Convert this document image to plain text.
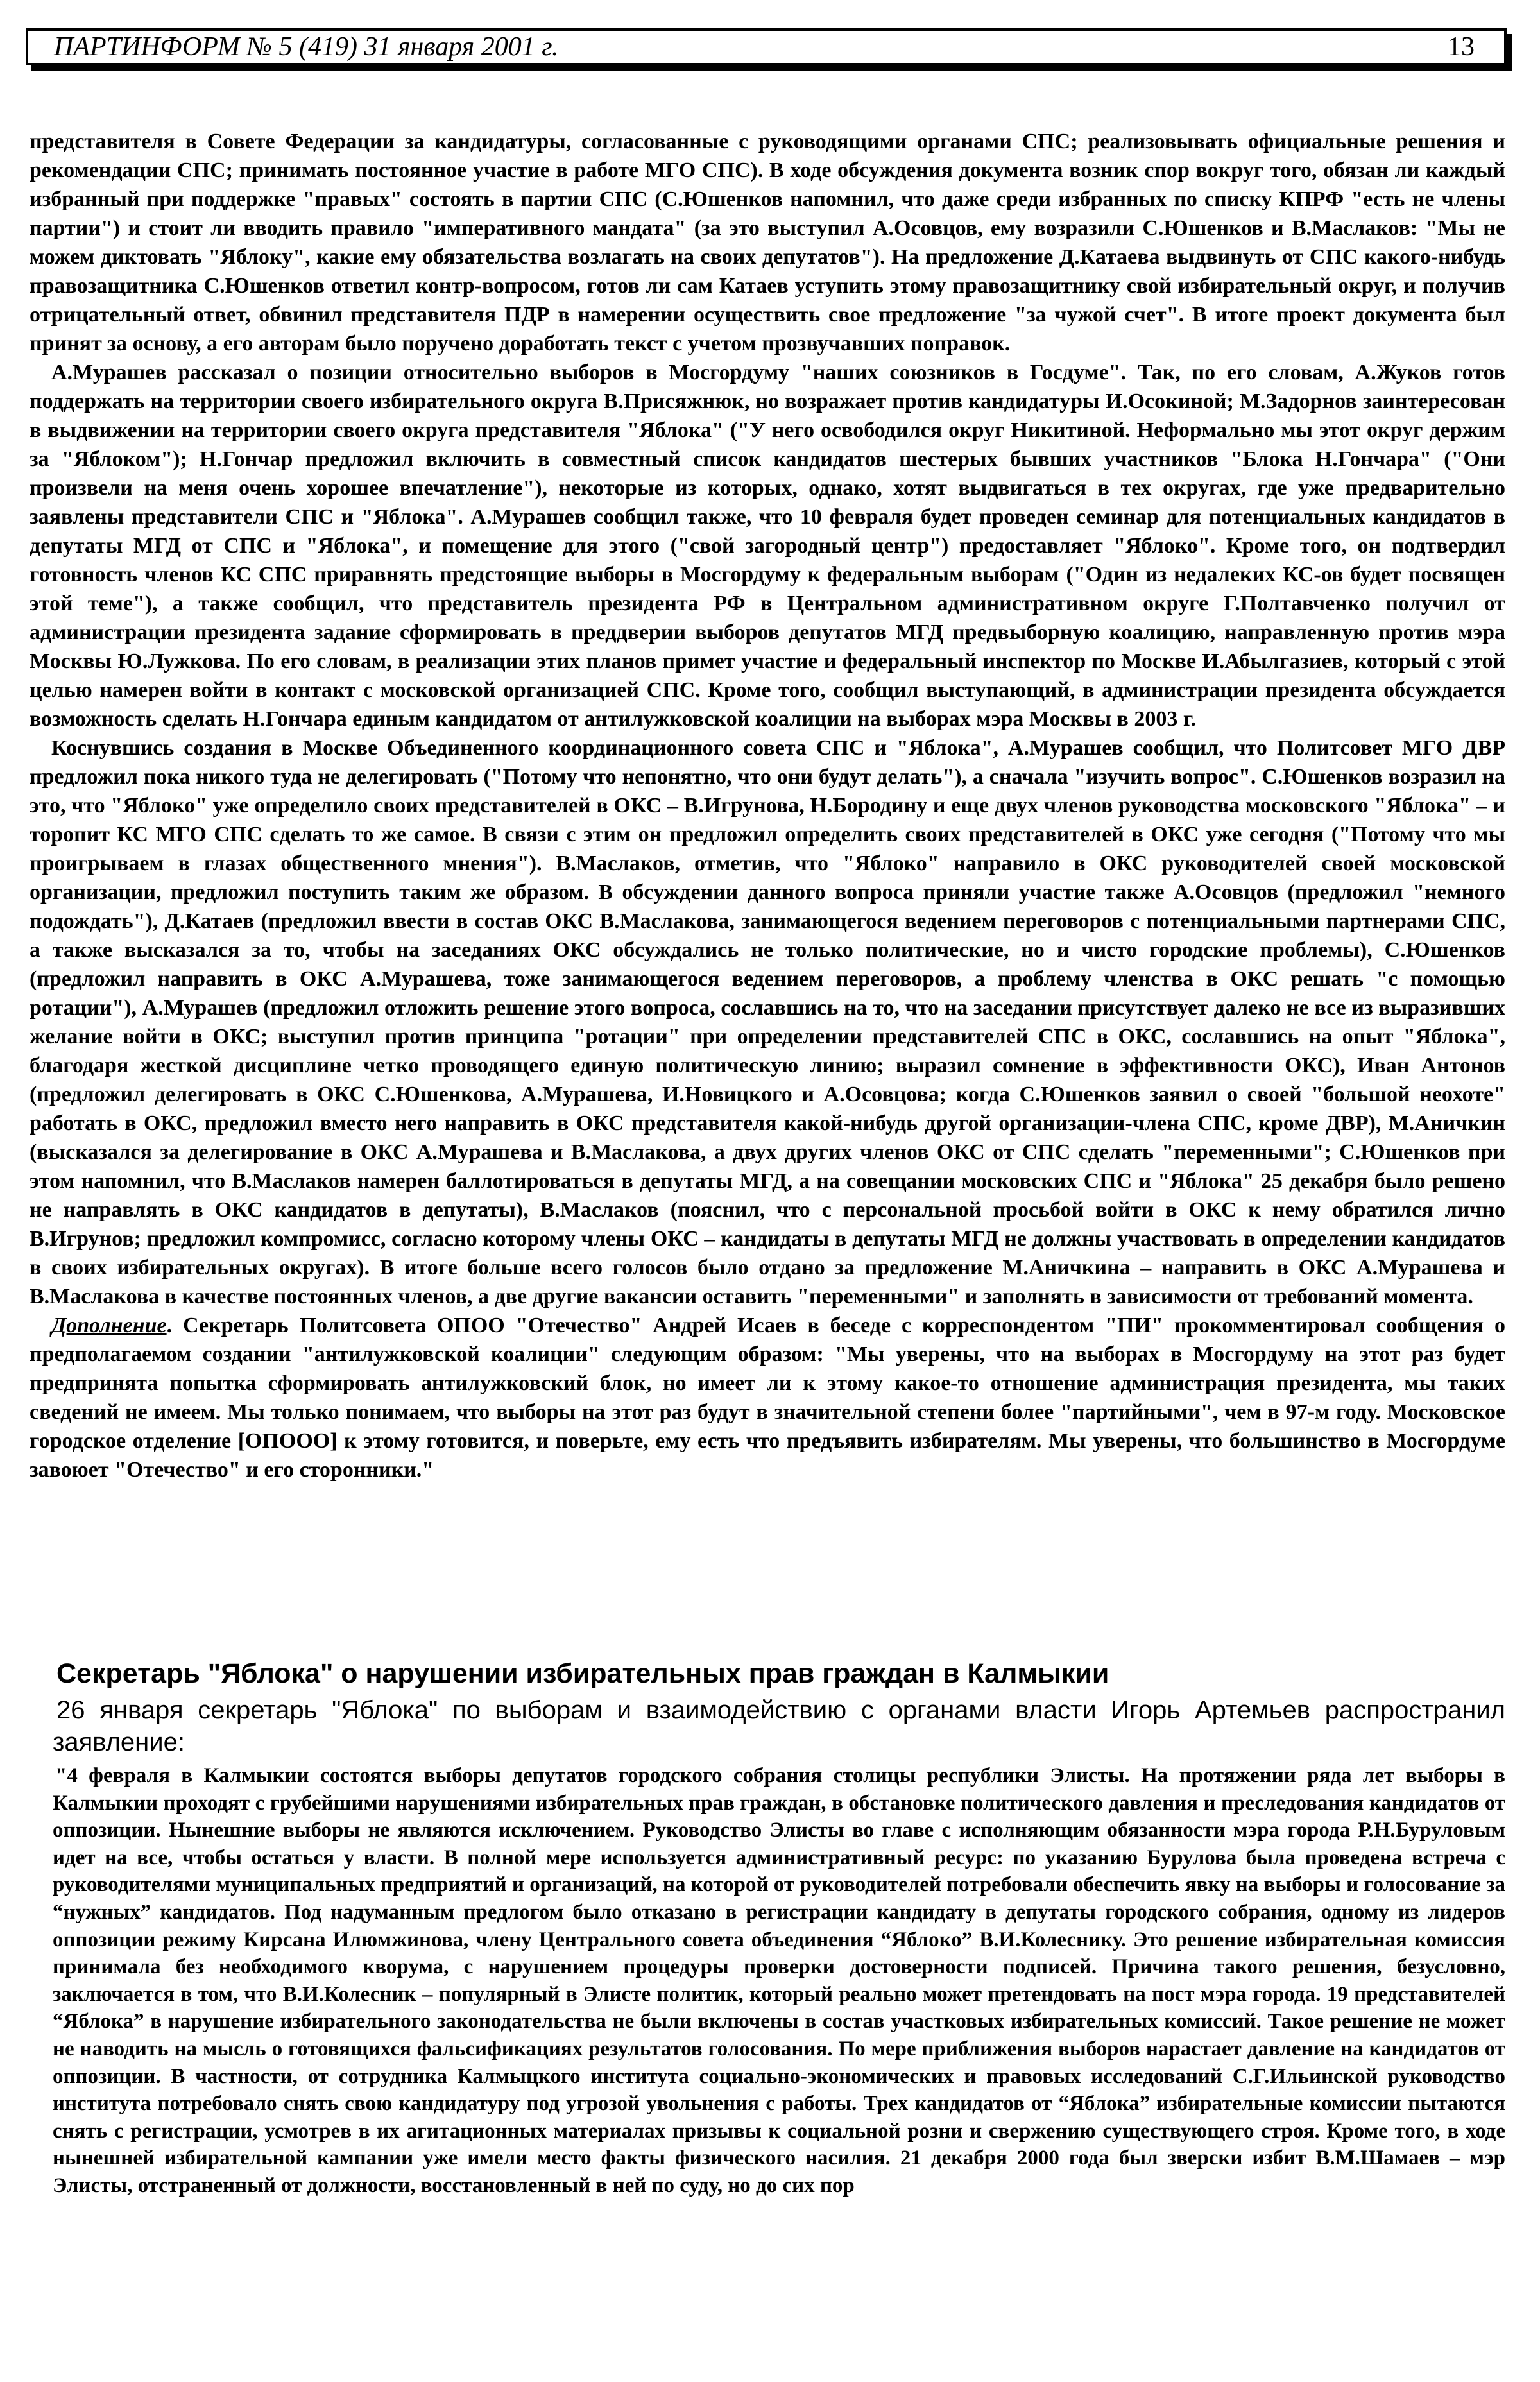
ПАРТИНФОРМ № 5 (419) 31 января 2001 г.	13

представителя в Совете Федерации за кандидатуры, согласованные с руководящими органами СПС; реализовывать официальные решения и рекомендации СПС; принимать постоянное участие в работе МГО СПС). В ходе обсуждения документа возник спор вокруг того, обязан ли каждый избранный при поддержке "правых" состоять в партии СПС (С.Юшенков напомнил, что даже среди избранных по списку КПРФ "есть не члены партии") и стоит ли вводить правило "императивного мандата" (за это выступил А.Осовцов, ему возразили С.Юшенков и В.Маслаков: "Мы не можем диктовать "Яблоку", какие ему обязательства возлагать на своих депутатов"). На предложение Д.Катаева выдвинуть от СПС какого-нибудь правозащитника С.Юшенков ответил контр-вопросом, готов ли сам Катаев уступить этому правозащитнику свой избирательный округ, и получив отрицательный ответ, обвинил представителя ПДР в намерении осуществить свое предложение "за чужой счет". В итоге проект документа был принят за основу, а его авторам было поручено доработать текст с учетом прозвучавших поправок.

А.Мурашев рассказал о позиции относительно выборов в Мосгордуму "наших союзников в Госдуме". Так, по его словам, А.Жуков готов поддержать на территории своего избирательного округа В.Присяжнюк, но возражает против кандидатуры И.Осокиной; М.Задорнов заинтересован в выдвижении на территории своего округа представителя "Яблока" ("У него освободился округ Никитиной. Неформально мы этот округ держим за "Яблоком"); Н.Гончар предложил включить в совместный список кандидатов шестерых бывших участников "Блока Н.Гончара" ("Они произвели на меня очень хорошее впечатление"), некоторые из которых, однако, хотят выдвигаться в тех округах, где уже предварительно заявлены представители СПС и "Яблока". А.Мурашев сообщил также, что 10 февраля будет проведен семинар для потенциальных кандидатов в депутаты МГД от СПС и "Яблока", и помещение для этого ("свой загородный центр") предоставляет "Яблоко". Кроме того, он подтвердил готовность членов КС СПС приравнять предстоящие выборы в Мосгордуму к федеральным выборам ("Один из недалеких КС-ов будет посвящен этой теме"), а также сообщил, что представитель президента РФ в Центральном административном округе Г.Полтавченко получил от администрации президента задание сформировать в преддверии выборов депутатов МГД предвыборную коалицию, направленную против мэра Москвы Ю.Лужкова. По его словам, в реализации этих планов примет участие и федеральный инспектор по Москве И.Абылгазиев, который с этой целью намерен войти в контакт с московской организацией СПС. Кроме того, сообщил выступающий, в администрации президента обсуждается возможность сделать Н.Гончара единым кандидатом от антилужковской коалиции на выборах мэра Москвы в 2003 г.

Коснувшись создания в Москве Объединенного координационного совета СПС и "Яблока", А.Мурашев сообщил, что Политсовет МГО ДВР предложил пока никого туда не делегировать ("Потому что непонятно, что они будут делать"), а сначала "изучить вопрос". С.Юшенков возразил на это, что "Яблоко" уже определило своих представителей в ОКС – В.Игрунова, Н.Бородину и еще двух членов руководства московского "Яблока" – и торопит КС МГО СПС сделать то же самое. В связи с этим он предложил определить своих представителей в ОКС уже сегодня ("Потому что мы проигрываем в глазах общественного мнения"). В.Маслаков, отметив, что "Яблоко" направило в ОКС руководителей своей московской организации, предложил поступить таким же образом. В обсуждении данного вопроса приняли участие также А.Осовцов (предложил "немного подождать"), Д.Катаев (предложил ввести в состав ОКС В.Маслакова, занимающегося ведением переговоров с потенциальными партнерами СПС, а также высказался за то, чтобы на заседаниях ОКС обсуждались не только политические, но и чисто городские проблемы), С.Юшенков (предложил направить в ОКС А.Мурашева, тоже занимающегося ведением переговоров, а проблему членства в ОКС решать "с помощью ротации"), А.Мурашев (предложил отложить решение этого вопроса, сославшись на то, что на заседании присутствует далеко не все из выразивших желание войти в ОКС; выступил против принципа "ротации" при определении представителей СПС в ОКС, сославшись на опыт "Яблока", благодаря жесткой дисциплине четко проводящего единую политическую линию; выразил сомнение в эффективности ОКС), Иван Антонов (предложил делегировать в ОКС С.Юшенкова, А.Мурашева, И.Новицкого и А.Осовцова; когда С.Юшенков заявил о своей "большой неохоте" работать в ОКС, предложил вместо него направить в ОКС представителя какой-нибудь другой организации-члена СПС, кроме ДВР), М.Аничкин (высказался за делегирование в ОКС А.Мурашева и В.Маслакова, а двух других членов ОКС от СПС сделать "переменными"; С.Юшенков при этом напомнил, что В.Маслаков намерен баллотироваться в депутаты МГД, а на совещании московских СПС и "Яблока" 25 декабря было решено не направлять в ОКС кандидатов в депутаты), В.Маслаков (пояснил, что с персональной просьбой войти в ОКС к нему обратился лично В.Игрунов; предложил компромисс, согласно которому члены ОКС – кандидаты в депутаты МГД не должны участвовать в определении кандидатов в своих избирательных округах). В итоге больше всего голосов было отдано за предложение М.Аничкина – направить в ОКС А.Мурашева и В.Маслакова в качестве постоянных членов, а две другие вакансии оставить "переменными" и заполнять в зависимости от требований момента.

Дополнение. Секретарь Политсовета ОПОО "Отечество" Андрей Исаев в беседе с корреспондентом "ПИ" прокомментировал сообщения о предполагаемом создании "антилужковской коалиции" следующим образом: "Мы уверены, что на выборах в Мосгордуму на этот раз будет предпринята попытка сформировать антилужковский блок, но имеет ли к этому какое-то отношение администрация президента, мы таких сведений не имеем. Мы только понимаем, что выборы на этот раз будут в значительной степени более "партийными", чем в 97-м году. Московское городское отделение [ОПООО] к этому готовится, и поверьте, ему есть что предъявить избирателям. Мы уверены, что большинство в Мосгордуме завоюет "Отечество" и его сторонники."

Секретарь "Яблока" о нарушении избирательных прав граждан в Калмыкии

26 января секретарь "Яблока" по выборам и взаимодействию с органами власти Игорь Артемьев распространил заявление:

"4 февраля в Калмыкии состоятся выборы депутатов городского собрания столицы республики Элисты. На протяжении ряда лет выборы в Калмыкии проходят с грубейшими нарушениями избирательных прав граждан, в обстановке политического давления и преследования кандидатов от оппозиции. Нынешние выборы не являются исключением. Руководство Элисты во главе с исполняющим обязанности мэра города Р.Н.Буруловым идет на все, чтобы остаться у власти. В полной мере используется административный ресурс: по указанию Бурулова была проведена встреча с руководителями муниципальных предприятий и организаций, на которой от руководителей потребовали обеспечить явку на выборы и голосование за “нужных” кандидатов. Под надуманным предлогом было отказано в регистрации кандидату в депутаты городского собрания, одному из лидеров оппозиции режиму Кирсана Илюмжинова, члену Центрального совета объединения “Яблоко” В.И.Колеснику. Это решение избирательная комиссия принимала без необходимого кворума, с нарушением процедуры проверки достоверности подписей. Причина такого решения, безусловно, заключается в том, что В.И.Колесник – популярный в Элисте политик, который реально может претендовать на пост мэра города. 19 представителей “Яблока” в нарушение избирательного законодательства не были включены в состав участковых избирательных комиссий. Такое решение не может не наводить на мысль о готовящихся фальсификациях результатов голосования. По мере приближения выборов нарастает давление на кандидатов от оппозиции. В частности, от сотрудника Калмыцкого института социально-экономических и правовых исследований С.Г.Ильинской руководство института потребовало снять свою кандидатуру под угрозой увольнения с работы. Трех кандидатов от “Яблока” избирательные комиссии пытаются снять с регистрации, усмотрев в их агитационных материалах призывы к социальной розни и свержению существующего строя. Кроме того, в ходе нынешней избирательной кампании уже имели место факты физического насилия. 21 декабря 2000 года был зверски избит В.М.Шамаев – мэр Элисты, отстраненный от должности, восстановленный в ней по суду, но до сих пор
